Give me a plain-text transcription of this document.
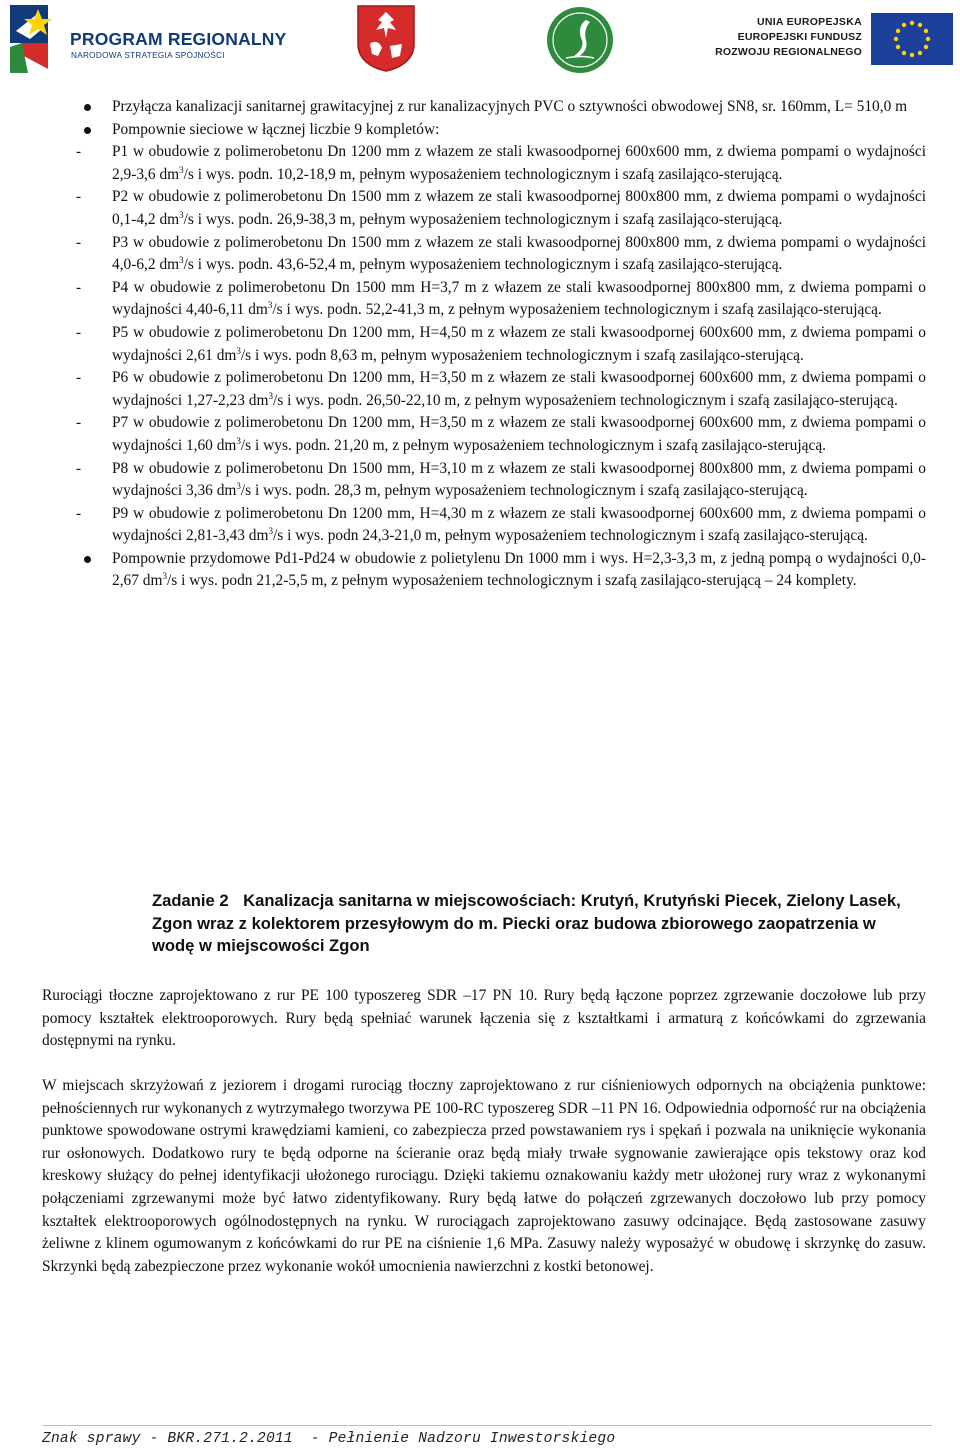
PROGRAM REGIONALNY
NARODOWA STRATEGIA SPÓJNOŚCI
UNIA EUROPEJSKA
EUROPEJSKI FUNDUSZ
ROZWOJU REGIONALNEGO
Przyłącza kanalizacji sanitarnej grawitacyjnej z rur kanalizacyjnych PVC o sztywności obwodowej SN8, sr. 160mm, L= 510,0 m
Pompownie sieciowe w łącznej liczbie 9 kompletów:
- P1 w obudowie z polimerobetonu Dn 1200 mm z włazem ze stali kwasoodpornej 600x600 mm, z dwiema pompami o wydajności 2,9-3,6 $dm^3/s$ i wys. podn. 10,2-18,9 m, pełnym wyposażeniem technologicznym i szafą zasilająco-sterującą.
- P2 w obudowie z polimerobetonu Dn 1500 mm z włazem ze stali kwasoodpornej 800x800 mm, z dwiema pompami o wydajności 0,1-4,2 $dm^3/s$ i wys. podn. 26,9-38,3 m, pełnym wyposażeniem technologicznym i szafą zasilająco-sterującą.
- P3 w obudowie z polimerobetonu Dn 1500 mm z włazem ze stali kwasoodpornej 800x800 mm, z dwiema pompami o wydajności 4,0-6,2 $dm^3/s$ i wys. podn. 43,6-52,4 m, pełnym wyposażeniem technologicznym i szafą zasilająco-sterującą.
- P4 w obudowie z polimerobetonu Dn 1500 mm H=3,7 m z włazem ze stali kwasoodpornej 800x800 mm, z dwiema pompami o wydajności 4,40-6,11 $dm^3/s$ i wys. podn. 52,2-41,3 m, z pełnym wyposażeniem technologicznym i szafą zasilająco-sterującą.
- P5 w obudowie z polimerobetonu Dn 1200 mm, H=4,50 m z włazem ze stali kwasoodpornej 600x600 mm, z dwiema pompami o wydajności 2,61 $dm^3/s$ i wys. podn 8,63 m, pełnym wyposażeniem technologicznym i szafą zasilająco-sterującą.
- P6 w obudowie z polimerobetonu Dn 1200 mm, H=3,50 m z włazem ze stali kwasoodpornej 600x600 mm, z dwiema pompami o wydajności 1,27-2,23 $dm^3/s$ i wys. podn. 26,50-22,10 m, z pełnym wyposażeniem technologicznym i szafą zasilająco-sterującą.
- P7 w obudowie z polimerobetonu Dn 1200 mm, H=3,50 m z włazem ze stali kwasoodpornej 600x600 mm, z dwiema pompami o wydajności 1,60 $dm^3/s$ i wys. podn. 21,20 m, z pełnym wyposażeniem technologicznym i szafą zasilająco-sterującą.
- P8 w obudowie z polimerobetonu Dn 1500 mm, H=3,10 m z włazem ze stali kwasoodpornej 800x800 mm, z dwiema pompami o wydajności 3,36 $dm^3/s$ i wys. podn. 28,3 m, pełnym wyposażeniem technologicznym i szafą zasilająco-sterującą.
- P9 w obudowie z polimerobetonu Dn 1200 mm, H=4,30 m z włazem ze stali kwasoodpornej 600x600 mm, z dwiema pompami o wydajności 2,81-3,43 $dm^3/s$ i wys. podn 24,3-21,0 m, pełnym wyposażeniem technologicznym i szafą zasilająco-sterującą.
Pompownie przydomowe Pd1-Pd24 w obudowie z polietylenu Dn 1000 mm i wys. H=2,3-3,3 m, z jedną pompą o wydajności 0,0-2,67 $dm^3/s$ i wys. podn 21,2-5,5 m, z pełnym wyposażeniem technologicznym i szafą zasilająco-sterującą – 24 komplety.
Zadanie 2 Kanalizacja sanitarna w miejscowościach: Krutyń, Krutyński Piecek, Zielony Lasek, Zgon wraz z kolektorem przesyłowym do m. Piecki oraz budowa zbiorowego zaopatrzenia w wodę w miejscowości Zgon

Rurociągi tłoczne zaprojektowano z rur PE 100 typoszereg SDR –17 PN 10. Rury będą łączone poprzez zgrzewanie doczołowe lub przy pomocy kształtek elektrooporowych. Rury będą spełniać warunek łączenia się z kształtkami i armaturą z końcówkami do zgrzewania dostępnymi na rynku.

W miejscach skrzyżowań z jeziorem i drogami rurociąg tłoczny zaprojektowano z rur ciśnieniowych odpornych na obciążenia punktowe: pełnościennych rur wykonanych z wytrzymałego tworzywa PE 100-RC typoszereg SDR –11 PN 16. Odpowiednia odporność rur na obciążenia punktowe spowodowane ostrymi krawędziami kamieni, co zabezpiecza przed powstawaniem rys i spękań i pozwala na uniknięcie wykonania rur osłonowych. Dodatkowo rury te będą odporne na ścieranie oraz będą miały trwałe sygnowanie zawierające opis tekstowy oraz kod kreskowy służący do pełnej identyfikacji ułożonego rurociągu. Dzięki takiemu oznakowaniu każdy metr ułożonej rury wraz z wykonanymi połączeniami zgrzewanymi może być łatwo zidentyfikowany. Rury będą łatwe do połączeń zgrzewanych doczołowo lub przy pomocy kształtek elektrooporowych ogólnodostępnych na rynku. W rurociągach zaprojektowano zasuwy odcinające. Będą zastosowane zasuwy żeliwne z klinem ogumowanym z końcówkami do rur PE na ciśnienie 1,6 MPa. Zasuwy należy wyposażyć w obudowę i skrzynkę do zasuw. Skrzynki będą zabezpieczone przez wykonanie wokół umocnienia nawierzchni z kostki betonowej.

Znak sprawy - BKR.271.2.2011  - Pełnienie Nadzoru Inwestorskiego
